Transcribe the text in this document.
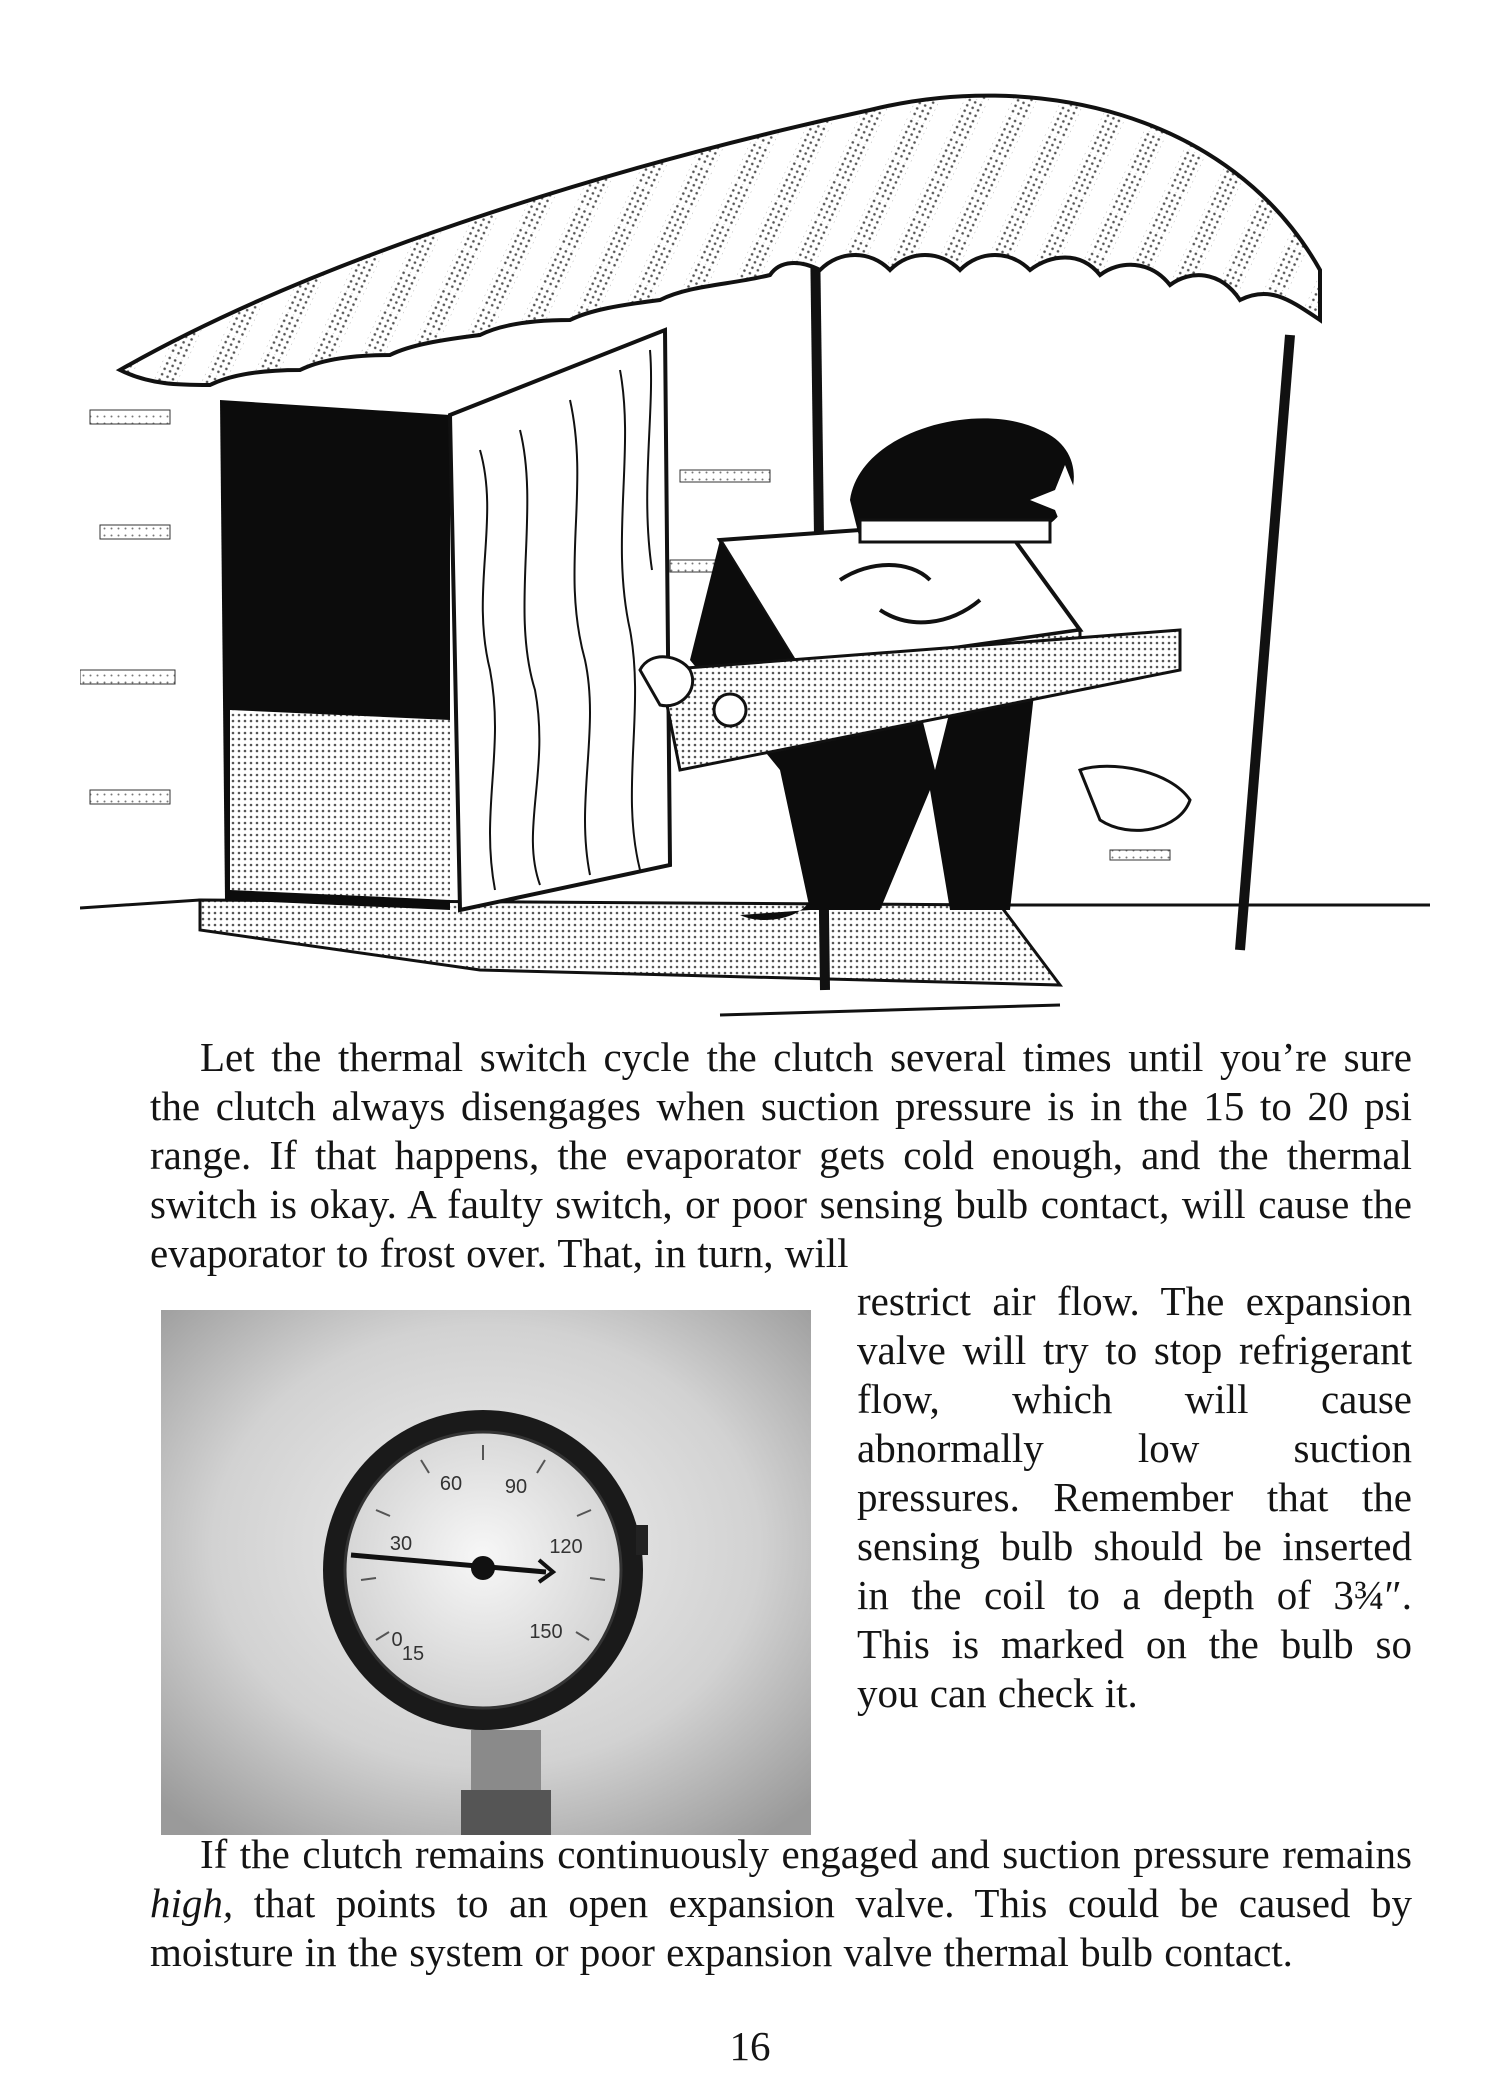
Let the thermal switch cycle the clutch several times until you’re sure the clutch always disengages when suction pressure is in the 15 to 20 psi range. If that happens, the evaporator gets cold enough, and the thermal switch is okay. A faulty switch, or poor sensing bulb contact, will cause the evaporator to frost over. That, in turn, will
restrict air flow. The expansion valve will try to stop refrigerant flow, which will cause abnormally low suction pressures. Remember that the sensing bulb should be inserted in the coil to a depth of 3¾″. This is marked on the bulb so you can check it.
0
15
30
60 90
120
150
If the clutch remains continuously engaged and suction pressure remains high, that points to an open expansion valve. This could be caused by moisture in the system or poor expansion valve thermal bulb contact.
16
